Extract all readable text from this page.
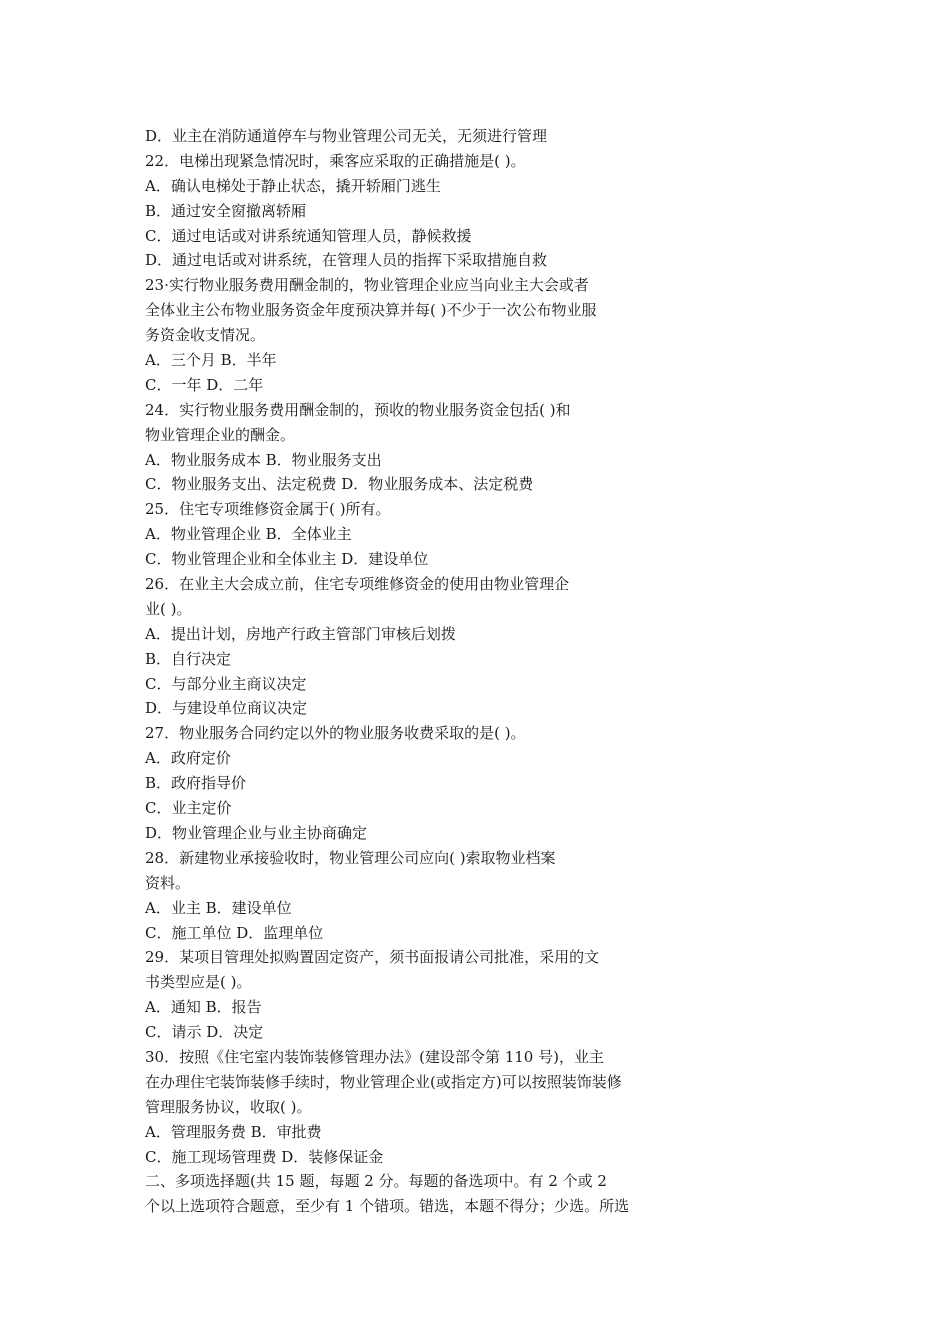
D．业主在消防通道停车与物业管理公司无关，无须进行管理
22．电梯出现紧急情况时，乘客应采取的正确措施是( )。
A．确认电梯处于静止状态，撬开轿厢门逃生
B．通过安全窗撤离轿厢
C．通过电话或对讲系统通知管理人员，静候救援
D．通过电话或对讲系统，在管理人员的指挥下采取措施自救
23·实行物业服务费用酬金制的，物业管理企业应当向业主大会或者
全体业主公布物业服务资金年度预决算并每( )不少于一次公布物业服
务资金收支情况。
A．三个月 B．半年
C．一年 D．二年
24．实行物业服务费用酬金制的，预收的物业服务资金包括( )和
物业管理企业的酬金。
A．物业服务成本 B．物业服务支出
C．物业服务支出、法定税费 D．物业服务成本、法定税费
25．住宅专项维修资金属于( )所有。
A．物业管理企业 B．全体业主
C．物业管理企业和全体业主 D．建设单位
26．在业主大会成立前，住宅专项维修资金的使用由物业管理企
业( )。
A．提出计划，房地产行政主管部门审核后划拨
B．自行决定
C．与部分业主商议决定
D．与建设单位商议决定
27．物业服务合同约定以外的物业服务收费采取的是( )。
A．政府定价
B．政府指导价
C．业主定价
D．物业管理企业与业主协商确定
28．新建物业承接验收时，物业管理公司应向( )索取物业档案
资料。
A．业主 B．建设单位
C．施工单位 D．监理单位
29．某项目管理处拟购置固定资产，须书面报请公司批准，采用的文
书类型应是( )。
A．通知 B．报告
C．请示 D．决定
30．按照《住宅室内装饰装修管理办法》(建设部令第 110 号)，业主
在办理住宅装饰装修手续时，物业管理企业(或指定方)可以按照装饰装修
管理服务协议，收取( )。
A．管理服务费 B．审批费
C．施工现场管理费 D．装修保证金
二、多项选择题(共 15 题，每题 2 分。每题的备选项中。有 2 个或 2
个以上选项符合题意，至少有 1 个错项。错选，本题不得分；少选。所选
